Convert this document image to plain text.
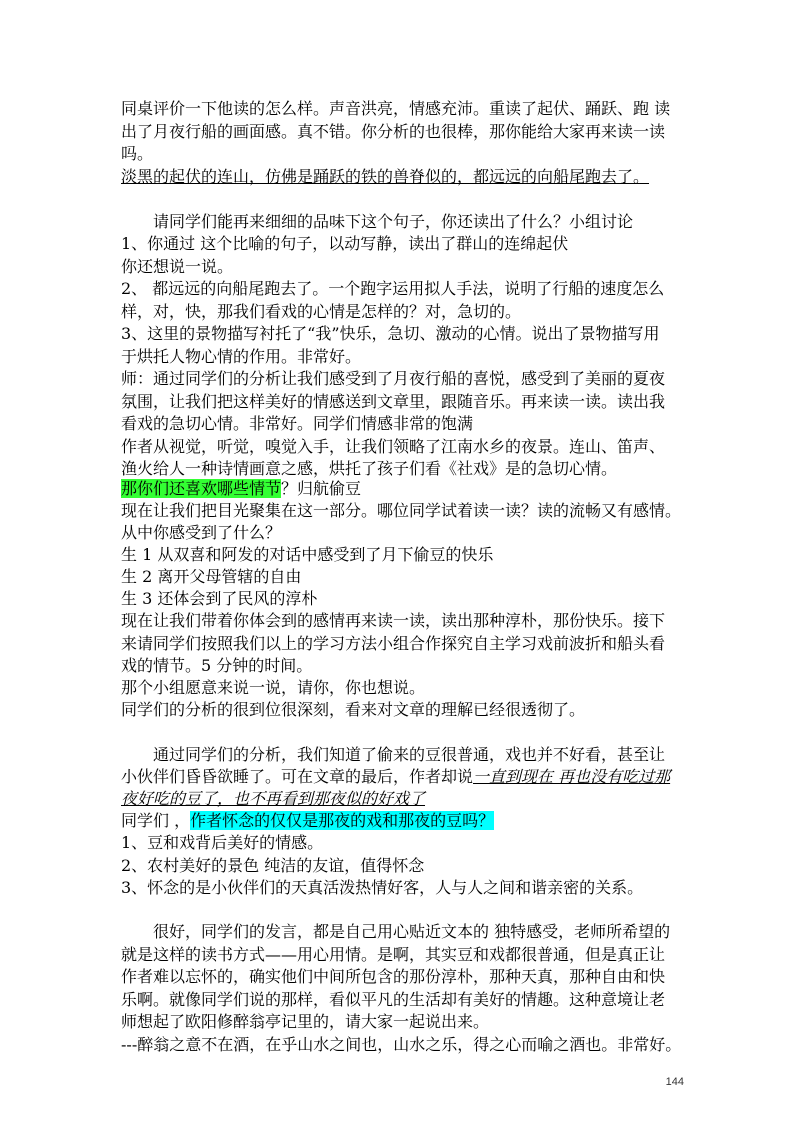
同桌评价一下他读的怎么样。声音洪亮，情感充沛。重读了起伏、踊跃、跑 读
出了月夜行船的画面感。真不错。你分析的也很棒，那你能给大家再来读一读
吗。
淡黑的起伏的连山，仿佛是踊跃的铁的兽脊似的，都远远的向船尾跑去了。
请同学们能再来细细的品味下这个句子，你还读出了什么？小组讨论
1、你通过 这个比喻的句子，以动写静，读出了群山的连绵起伏
你还想说一说。
2、 都远远的向船尾跑去了。一个跑字运用拟人手法，说明了行船的速度怎么
样，对，快，那我们看戏的心情是怎样的？对，急切的。
3、这里的景物描写衬托了“我”快乐，急切、激动的心情。说出了景物描写用
于烘托人物心情的作用。非常好。
师：通过同学们的分析让我们感受到了月夜行船的喜悦，感受到了美丽的夏夜
氛围，让我们把这样美好的情感送到文章里，跟随音乐。再来读一读。读出我
看戏的急切心情。非常好。同学们情感非常的饱满
作者从视觉，听觉，嗅觉入手，让我们领略了江南水乡的夜景。连山、笛声、
渔火给人一种诗情画意之感，烘托了孩子们看《社戏》是的急切心情。
那你们还喜欢哪些情节？归航偷豆
现在让我们把目光聚集在这一部分。哪位同学试着读一读？读的流畅又有感情。
从中你感受到了什么？
生 1 从双喜和阿发的对话中感受到了月下偷豆的快乐
生 2 离开父母管辖的自由
生 3 还体会到了民风的淳朴
现在让我们带着你体会到的感情再来读一读，读出那种淳朴，那份快乐。接下
来请同学们按照我们以上的学习方法小组合作探究自主学习戏前波折和船头看
戏的情节。5 分钟的时间。
那个小组愿意来说一说，请你，你也想说。
同学们的分析的很到位很深刻，看来对文章的理解已经很透彻了。
通过同学们的分析，我们知道了偷来的豆很普通，戏也并不好看，甚至让
小伙伴们昏昏欲睡了。可在文章的最后，作者却说一直到现在 再也没有吃过那
夜好吃的豆了，也不再看到那夜似的好戏了
同学们 ，作者怀念的仅仅是那夜的戏和那夜的豆吗？
1、豆和戏背后美好的情感。
2、农村美好的景色 纯洁的友谊，值得怀念
3、怀念的是小伙伴们的天真活泼热情好客，人与人之间和谐亲密的关系。
很好，同学们的发言，都是自己用心贴近文本的 独特感受，老师所希望的
就是这样的读书方式——用心用情。是啊，其实豆和戏都很普通，但是真正让
作者难以忘怀的，确实他们中间所包含的那份淳朴，那种天真，那种自由和快
乐啊。就像同学们说的那样，看似平凡的生活却有美好的情趣。这种意境让老
师想起了欧阳修醉翁亭记里的，请大家一起说出来。
---醉翁之意不在酒，在乎山水之间也，山水之乐，得之心而喻之酒也。非常好。
144
